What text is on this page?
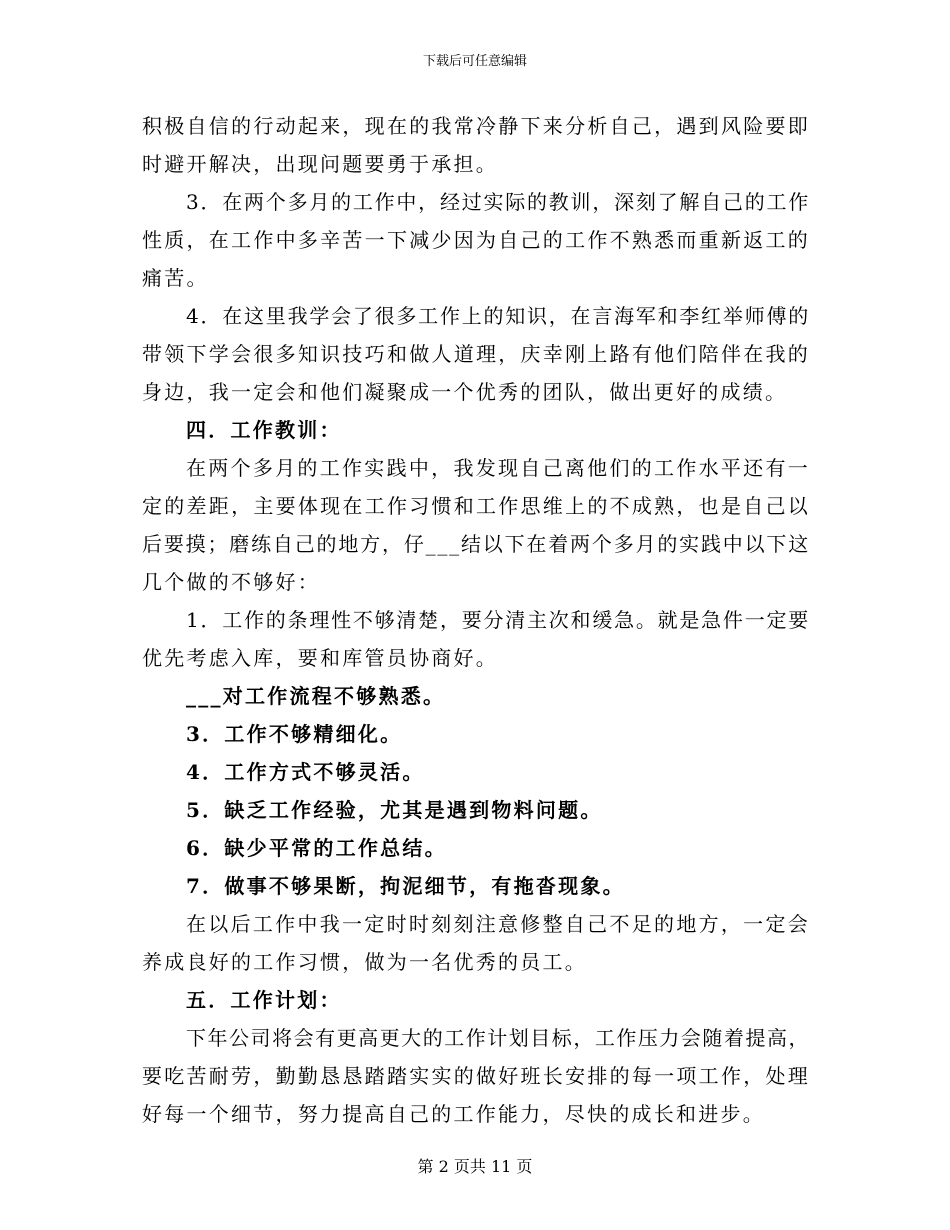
下载后可任意编辑
积极自信的行动起来，现在的我常冷静下来分析自己，遇到风险要即
时避开解决，出现问题要勇于承担。
3．在两个多月的工作中，经过实际的教训，深刻了解自己的工作
性质，在工作中多辛苦一下减少因为自己的工作不熟悉而重新返工的
痛苦。
4．在这里我学会了很多工作上的知识，在言海军和李红举师傅的
带领下学会很多知识技巧和做人道理，庆幸刚上路有他们陪伴在我的
身边，我一定会和他们凝聚成一个优秀的团队，做出更好的成绩。
四．工作教训：
在两个多月的工作实践中，我发现自己离他们的工作水平还有一
定的差距，主要体现在工作习惯和工作思维上的不成熟，也是自己以
后要摸；磨练自己的地方，仔___结以下在着两个多月的实践中以下这
几个做的不够好：
1．工作的条理性不够清楚，要分清主次和缓急。就是急件一定要
优先考虑入库，要和库管员协商好。
___对工作流程不够熟悉。
3．工作不够精细化。
4．工作方式不够灵活。
5．缺乏工作经验，尤其是遇到物料问题。
6．缺少平常的工作总结。
7．做事不够果断，拘泥细节，有拖沓现象。
在以后工作中我一定时时刻刻注意修整自己不足的地方，一定会
养成良好的工作习惯，做为一名优秀的员工。
五．工作计划：
下年公司将会有更高更大的工作计划目标，工作压力会随着提高，
要吃苦耐劳，勤勤恳恳踏踏实实的做好班长安排的每一项工作，处理
好每一个细节，努力提高自己的工作能力，尽快的成长和进步。
第 2 页共 11 页
